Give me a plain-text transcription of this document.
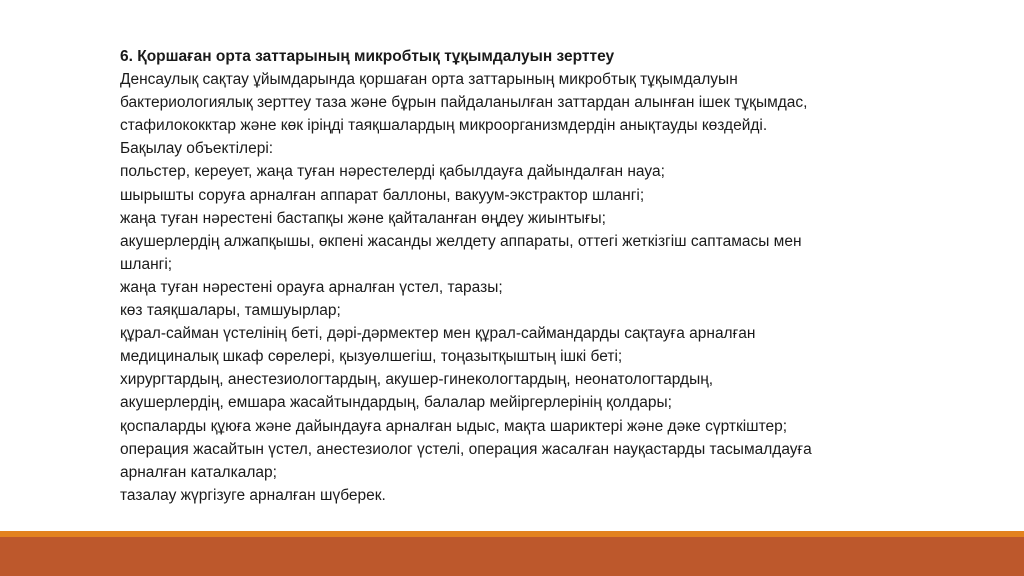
6. Қоршаған орта заттарының микробтық тұқымдалуын зерттеу
Денсаулық сақтау ұйымдарында қоршаған орта заттарының микробтық тұқымдалуын
бактериологиялық зерттеу таза және бұрын пайдаланылған заттардан алынған ішек тұқымдас,
стафилококктар және көк іріңді таяқшалардың микроорганизмдердін анықтауды көздейді.
Бақылау объектілері:
польстер, кереует, жаңа туған нәрестелерді қабылдауға дайындалған науа;
шырышты соруға арналған аппарат баллоны, вакуум-экстрактор шлангі;
жаңа туған нәрестені бастапқы және қайталанған өңдеу жиынтығы;
акушерлердің алжапқышы, өкпені жасанды желдету аппараты, оттегі жеткізгіш саптамасы мен
шлангі;
жаңа туған нәрестені орауға арналған үстел, таразы;
көз таяқшалары, тамшуырлар;
құрал-сайман үстелінің беті, дәрі-дәрмектер мен құрал-саймандарды сақтауға арналған
медициналық шкаф сөрелері, қызуөлшегіш, тоңазытқыштың ішкі беті;
хирургтардың, анестезиологтардың, акушер-гинекологтардың, неонатологтардың,
акушерлердің, емшара жасайтындардың, балалар мейіргерлерінің қолдары;
қоспаларды құюға және дайындауға арналған ыдыс, мақта шариктері және дәке сүрткіштер;
операция жасайтын үстел, анестезиолог үстелі, операция жасалған науқастарды тасымалдауға
арналған каталкалар;
тазалау жүргізуге арналған шүберек.
